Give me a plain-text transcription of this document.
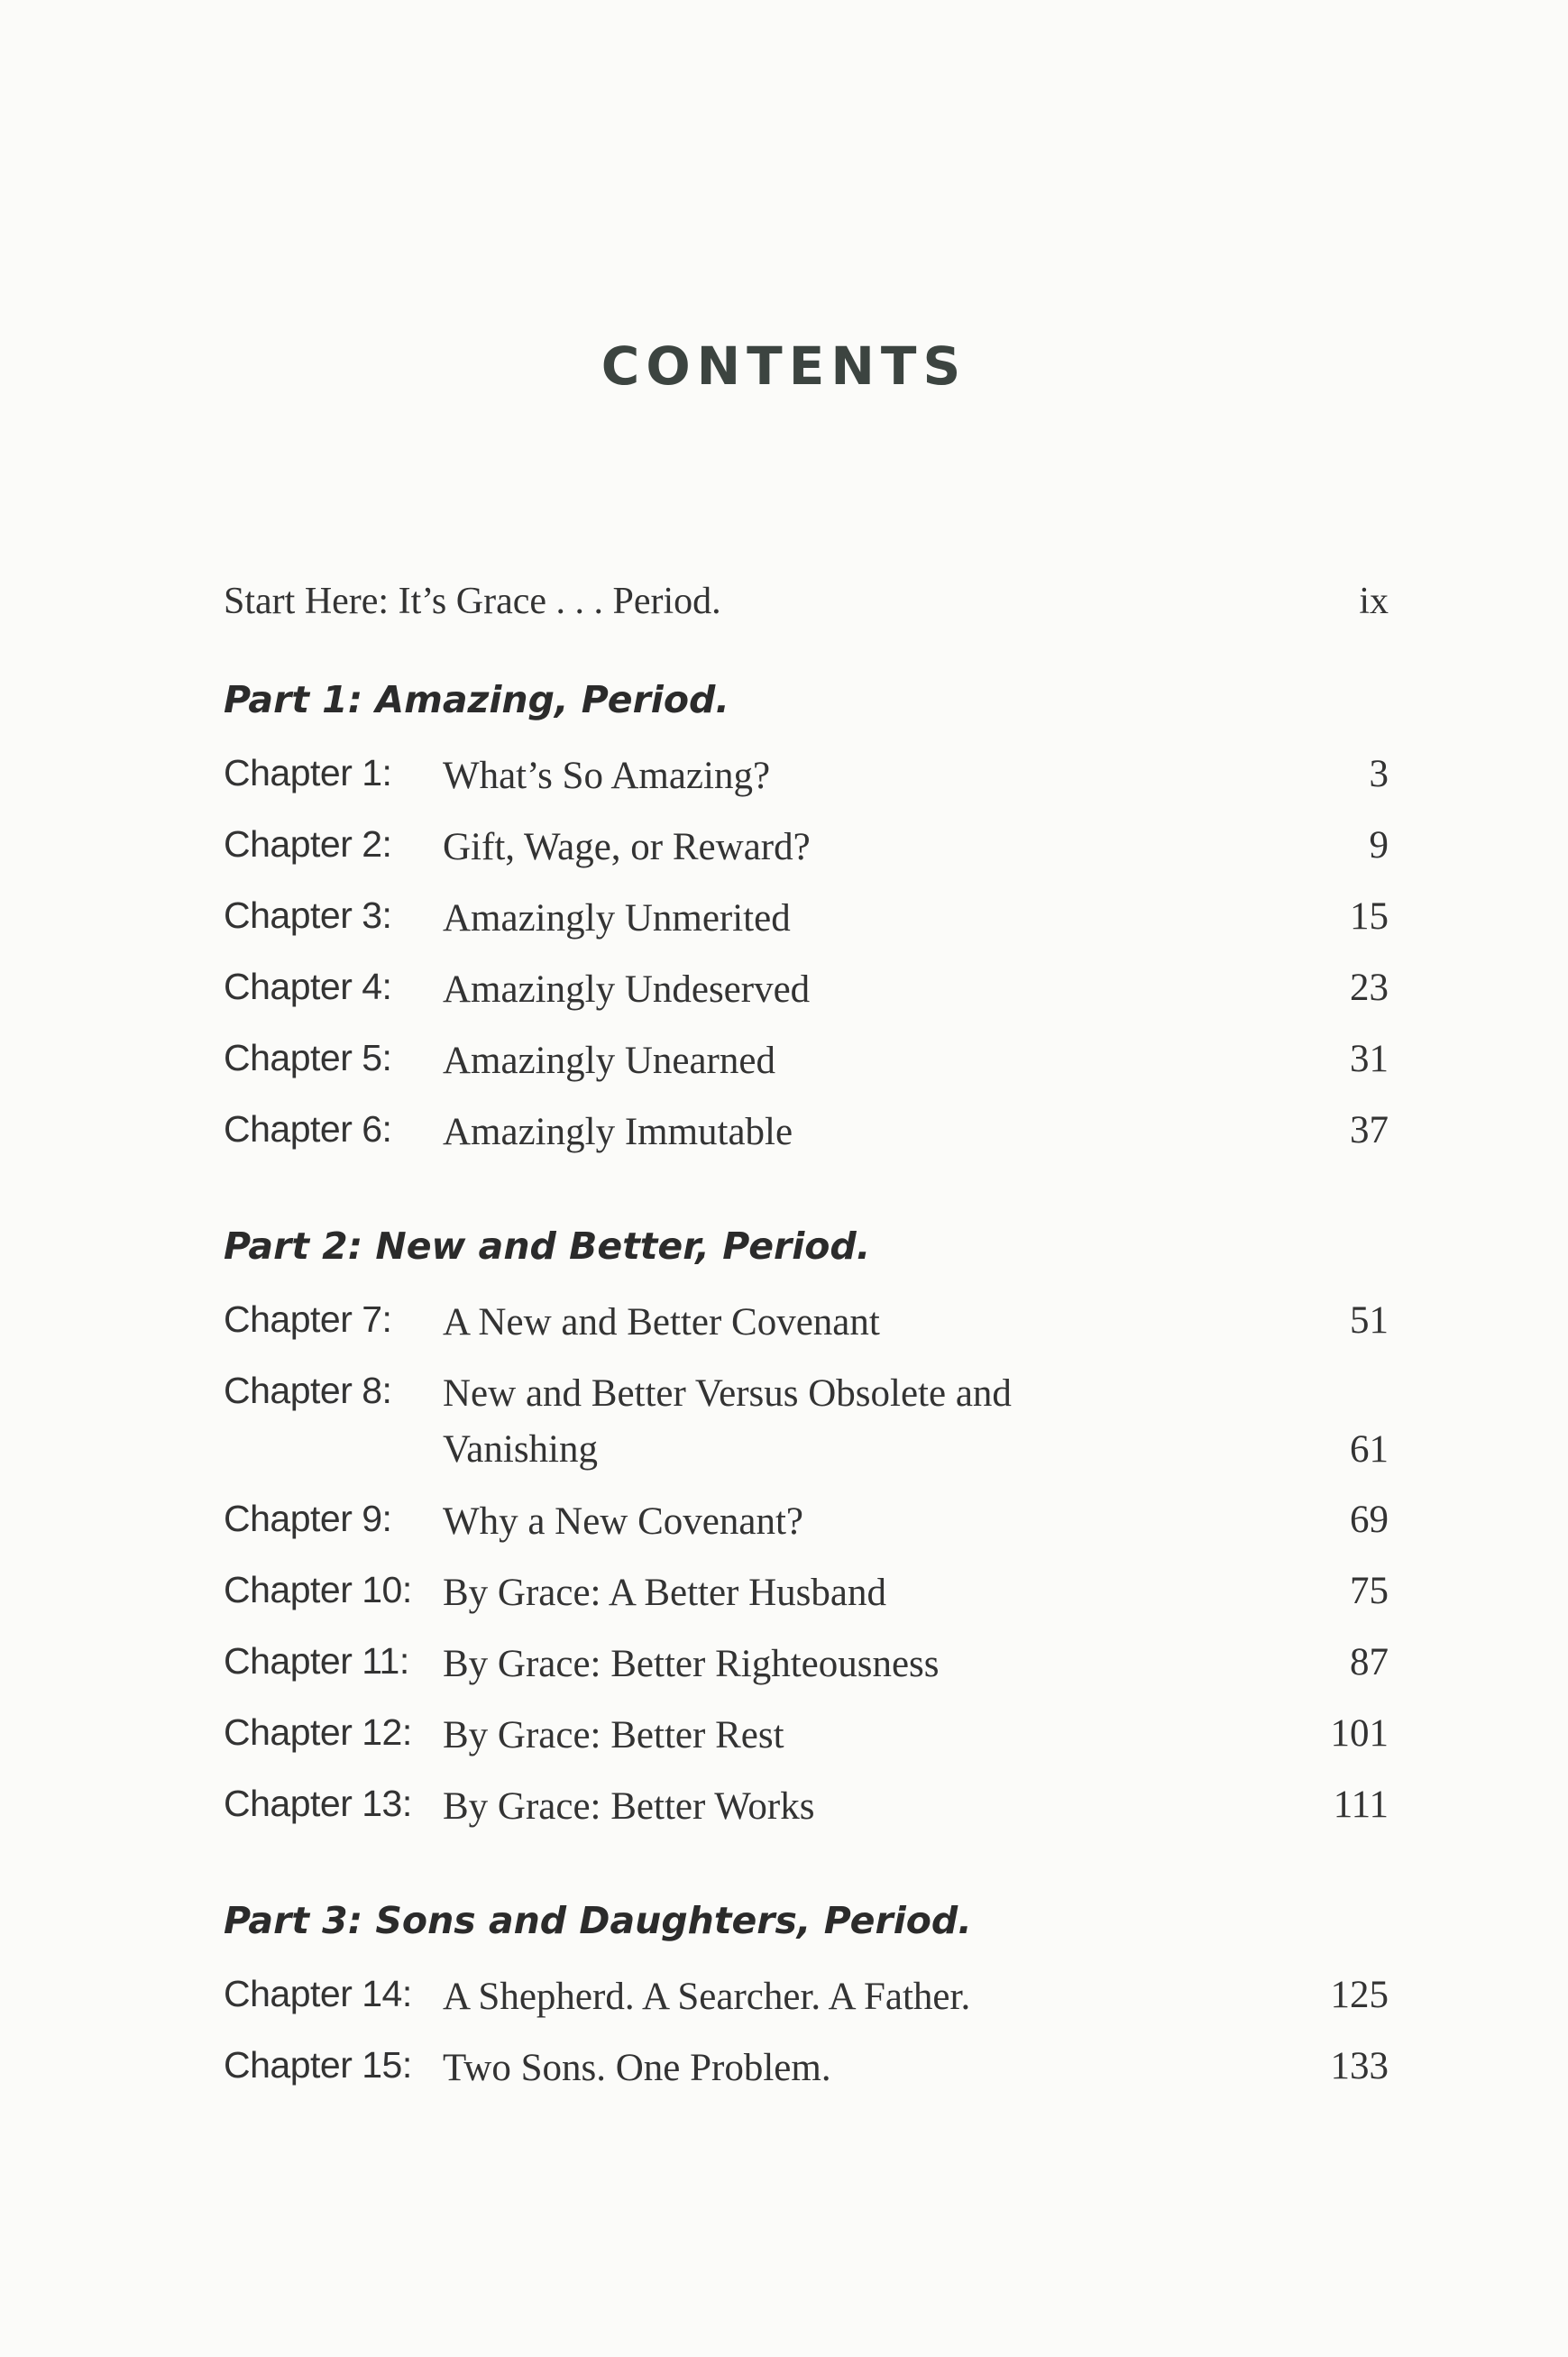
CONTENTS
Start Here: It’s Grace . . . Period.	ix
Part 1: Amazing, Period.
Chapter 1: What’s So Amazing?	3
Chapter 2: Gift, Wage, or Reward?	9
Chapter 3: Amazingly Unmerited	15
Chapter 4: Amazingly Undeserved	23
Chapter 5: Amazingly Unearned	31
Chapter 6: Amazingly Immutable	37
Part 2: New and Better, Period.
Chapter 7: A New and Better Covenant	51
Chapter 8: New and Better Versus Obsolete and Vanishing	61
Chapter 9: Why a New Covenant?	69
Chapter 10: By Grace: A Better Husband	75
Chapter 11: By Grace: Better Righteousness	87
Chapter 12: By Grace: Better Rest	101
Chapter 13: By Grace: Better Works	111
Part 3: Sons and Daughters, Period.
Chapter 14: A Shepherd. A Searcher. A Father.	125
Chapter 15: Two Sons. One Problem.	133
